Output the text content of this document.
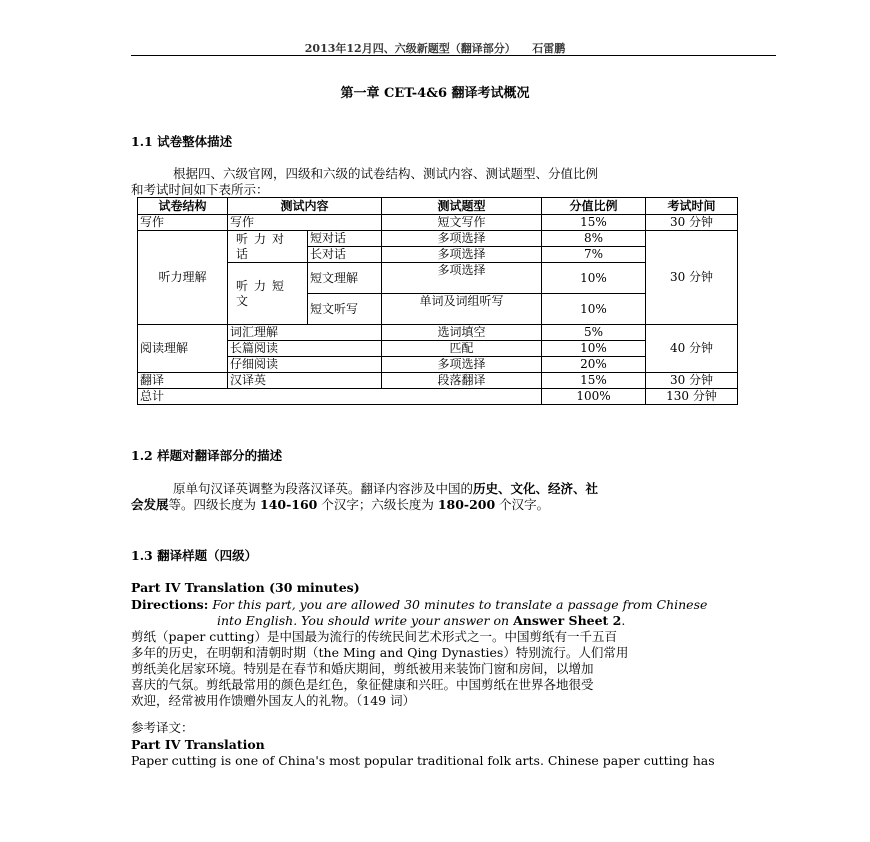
2013年12月四、六级新题型（翻译部分）　　石雷鹏
第一章 CET-4&6 翻译考试概况
1.1 试卷整体描述
根据四、六级官网，四级和六级的试卷结构、测试内容、测试题型、分值比例
和考试时间如下表所示：
试卷结构	测试内容		测试题型	分值比例	考试时间
写作	写作		短文写作	15%	30 分钟
听力理解	听力对话	短对话	多项选择	8%	30 分钟
		长对话	多项选择	7%	
	听力短文	短文理解	多项选择	10%	
		短文听写	单词及词组听写	10%	
阅读理解	词汇理解		选词填空	5%	40 分钟
	长篇阅读		匹配	10%	
	仔细阅读		多项选择	20%	
翻译	汉译英		段落翻译	15%	30 分钟
总计				100%	130 分钟
1.2 样题对翻译部分的描述
原单句汉译英调整为段落汉译英。翻译内容涉及中国的历史、文化、经济、社
会发展等。四级长度为 140-160 个汉字；六级长度为 180-200 个汉字。
1.3 翻译样题（四级）
Part IV Translation (30 minutes)
Directions: For this part, you are allowed 30 minutes to translate a passage from Chinese
into English. You should write your answer on Answer Sheet 2.
剪纸（paper cutting）是中国最为流行的传统民间艺术形式之一。中国剪纸有一千五百
多年的历史，在明朝和清朝时期（the Ming and Qing Dynasties）特别流行。人们常用
剪纸美化居家环境。特别是在春节和婚庆期间，剪纸被用来装饰门窗和房间，以增加
喜庆的气氛。剪纸最常用的颜色是红色，象征健康和兴旺。中国剪纸在世界各地很受
欢迎，经常被用作馈赠外国友人的礼物。（149 词）
参考译文：
Part IV Translation
Paper cutting is one of China's most popular traditional folk arts. Chinese paper cutting has
